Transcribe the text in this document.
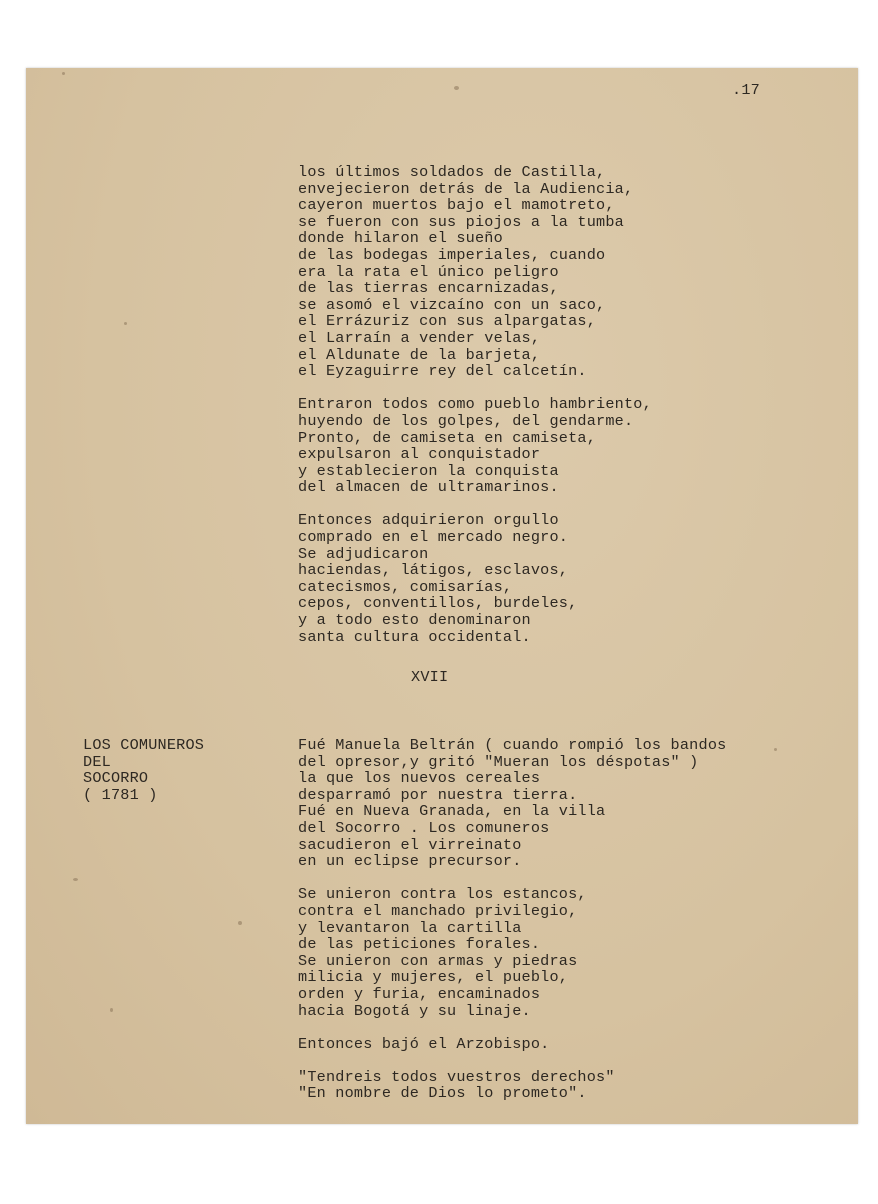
.17

los últimos soldados de Castilla,
envejecieron detrás de la Audiencia,
cayeron muertos bajo el mamotreto,
se fueron con sus piojos a la tumba
donde hilaron el sueño
de las bodegas imperiales, cuando
era la rata el único peligro
de las tierras encarnizadas,
se asomó el vizcaíno con un saco,
el Errázuriz con sus alpargatas,
el Larraín a vender velas,
el Aldunate de la barjeta,
el Eyzaguirre rey del calcetín.
Entraron todos como pueblo hambriento,
huyendo de los golpes, del gendarme.
Pronto, de camiseta en camiseta,
expulsaron al conquistador
y establecieron la conquista
del almacen de ultramarinos.
Entonces adquirieron orgullo
comprado en el mercado negro.
Se adjudicaron
haciendas, látigos, esclavos,
catecismos, comisarías,
cepos, conventillos, burdeles,
y a todo esto denominaron
santa cultura occidental.

XVII

LOS COMUNEROS
DEL
SOCORRO
( 1781 )
Fué Manuela Beltrán ( cuando rompió los bandos
del opresor,y gritó "Mueran los déspotas" )
la que los nuevos cereales
desparramó por nuestra tierra.
Fué en Nueva Granada, en la villa
del Socorro . Los comuneros
sacudieron el virreinato
en un eclipse precursor.
Se unieron contra los estancos,
contra el manchado privilegio,
y levantaron la cartilla
de las peticiones forales.
Se unieron con armas y piedras
milicia y mujeres, el pueblo,
orden y furia, encaminados
hacia Bogotá y su linaje.
Entonces bajó el Arzobispo.
"Tendreis todos vuestros derechos"
"En nombre de Dios lo prometo".
